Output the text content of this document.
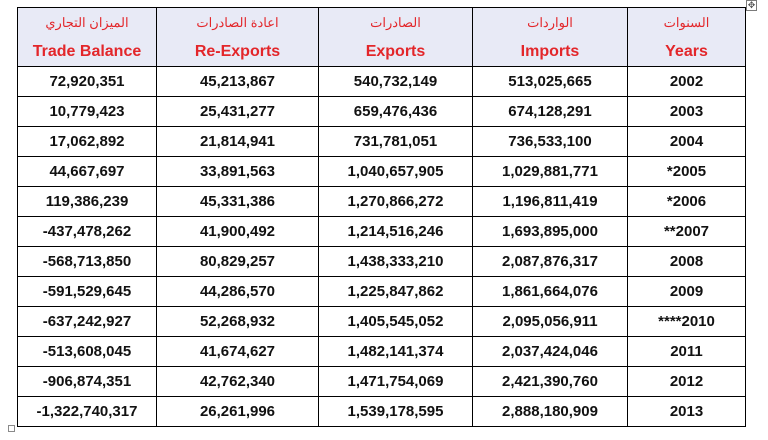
✥
الميزان التجاري	اعادة الصادرات	الصادرات	الواردات	السنوات
Trade Balance	Re-Exports	Exports	Imports	Years
72,920,351	45,213,867	540,732,149	513,025,665	2002
10,779,423	25,431,277	659,476,436	674,128,291	2003
17,062,892	21,814,941	731,781,051	736,533,100	2004
44,667,697	33,891,563	1,040,657,905	1,029,881,771	*2005
119,386,239	45,331,386	1,270,866,272	1,196,811,419	*2006
-437,478,262	41,900,492	1,214,516,246	1,693,895,000	**2007
-568,713,850	80,829,257	1,438,333,210	2,087,876,317	2008
-591,529,645	44,286,570	1,225,847,862	1,861,664,076	2009
-637,242,927	52,268,932	1,405,545,052	2,095,056,911	****2010
-513,608,045	41,674,627	1,482,141,374	2,037,424,046	2011
-906,874,351	42,762,340	1,471,754,069	2,421,390,760	2012
-1,322,740,317	26,261,996	1,539,178,595	2,888,180,909	2013
